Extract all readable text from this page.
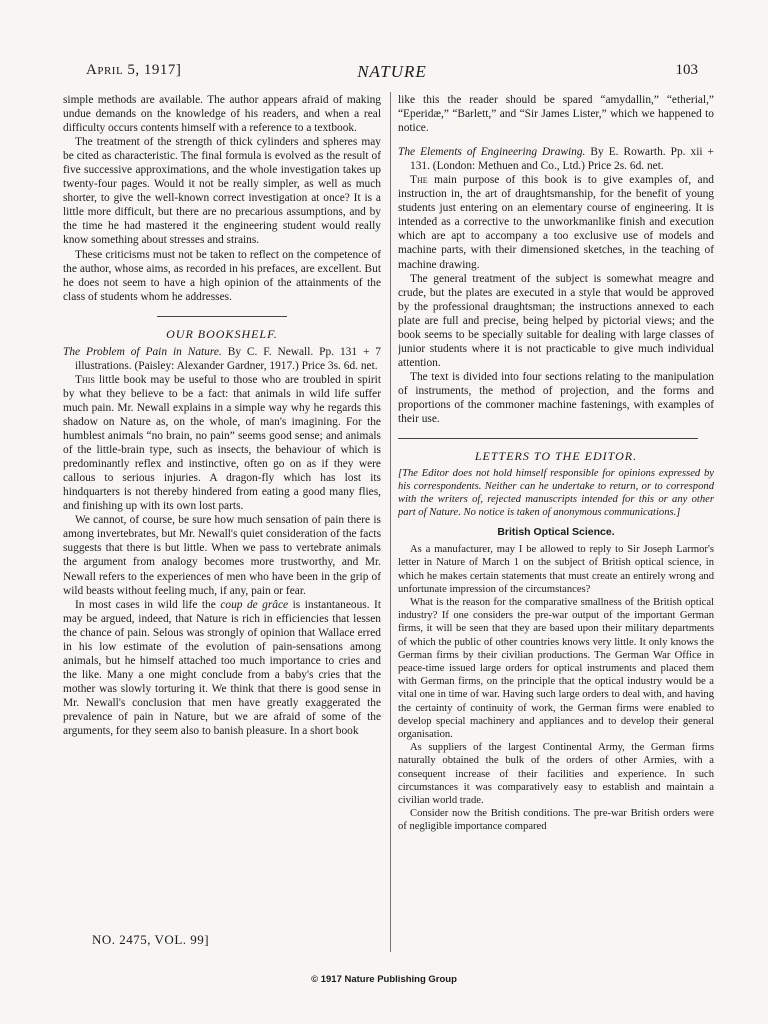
April 5, 1917]	NATURE	103

simple methods are available. The author appears afraid of making undue demands on the knowledge of his readers, and when a real difficulty occurs contents himself with a reference to a textbook.

The treatment of the strength of thick cylinders and spheres may be cited as characteristic. The final formula is evolved as the result of five successive approximations, and the whole investigation takes up twenty-four pages. Would it not be really simpler, as well as much shorter, to give the well-known correct investigation at once? It is a little more difficult, but there are no precarious assumptions, and by the time he had mastered it the engineering student would really know something about stresses and strains.

These criticisms must not be taken to reflect on the competence of the author, whose aims, as recorded in his prefaces, are excellent. But he does not seem to have a high opinion of the attainments of the class of students whom he addresses.

OUR BOOKSHELF.

The Problem of Pain in Nature. By C. F. Newall. Pp. 131 + 7 illustrations. (Paisley: Alexander Gardner, 1917.) Price 3s. 6d. net.

This little book may be useful to those who are troubled in spirit by what they believe to be a fact: that animals in wild life suffer much pain. Mr. Newall explains in a simple way why he regards this shadow on Nature as, on the whole, of man's imagining. For the humblest animals “no brain, no pain” seems good sense; and animals of the little-brain type, such as insects, the behaviour of which is predominantly reflex and instinctive, often go on as if they were callous to serious injuries. A dragon-fly which has lost its hindquarters is not thereby hindered from eating a good many flies, and finishing up with its own lost parts.

We cannot, of course, be sure how much sensation of pain there is among invertebrates, but Mr. Newall's quiet consideration of the facts suggests that there is but little. When we pass to vertebrate animals the argument from analogy becomes more trustworthy, and Mr. Newall refers to the experiences of men who have been in the grip of wild beasts without feeling much, if any, pain or fear.

In most cases in wild life the coup de grâce is instantaneous. It may be argued, indeed, that Nature is rich in efficiencies that lessen the chance of pain. Selous was strongly of opinion that Wallace erred in his low estimate of the evolution of pain-sensations among animals, but he himself attached too much importance to cries and the like. Many a one might conclude from a baby's cries that the mother was slowly torturing it. We think that there is good sense in Mr. Newall's conclusion that men have greatly exaggerated the prevalence of pain in Nature, but we are afraid of some of the arguments, for they seem also to banish pleasure. In a short book

like this the reader should be spared “amydallin,” “etherial,” “Eperidæ,” “Barlett,” and “Sir James Lister,” which we happened to notice.

The Elements of Engineering Drawing. By E. Rowarth. Pp. xii + 131. (London: Methuen and Co., Ltd.) Price 2s. 6d. net.

The main purpose of this book is to give examples of, and instruction in, the art of draughtsmanship, for the benefit of young students just entering on an elementary course of engineering. It is intended as a corrective to the unworkmanlike finish and execution which are apt to accompany a too exclusive use of models and machine parts, with their dimensioned sketches, in the teaching of machine drawing.

The general treatment of the subject is somewhat meagre and crude, but the plates are executed in a style that would be approved by the professional draughtsman; the instructions annexed to each plate are full and precise, being helped by pictorial views; and the book seems to be specially suitable for dealing with large classes of junior students where it is not practicable to give much individual attention.

The text is divided into four sections relating to the manipulation of instruments, the method of projection, and the forms and proportions of the commoner machine fastenings, with examples of their use.

LETTERS TO THE EDITOR.

[The Editor does not hold himself responsible for opinions expressed by his correspondents. Neither can he undertake to return, or to correspond with the writers of, rejected manuscripts intended for this or any other part of Nature. No notice is taken of anonymous communications.]

British Optical Science.

As a manufacturer, may I be allowed to reply to Sir Joseph Larmor's letter in Nature of March 1 on the subject of British optical science, in which he makes certain statements that must create an entirely wrong and unfortunate impression of the circumstances?

What is the reason for the comparative smallness of the British optical industry? If one considers the pre-war output of the important German firms, it will be seen that they are based upon their military departments of which the public of other countries knows very little. It only knows the German firms by their civilian productions. The German War Office in peace-time issued large orders for optical instruments and placed them with German firms, on the principle that the optical industry would be a vital one in time of war. Having such large orders to deal with, and having the certainty of continuity of work, the German firms were enabled to develop special machinery and appliances and to develop their general organisation.

As suppliers of the largest Continental Army, the German firms naturally obtained the bulk of the orders of other Armies, with a consequent increase of their facilities and experience. In such circumstances it was comparatively easy to establish and maintain a civilian world trade.

Consider now the British conditions. The pre-war British orders were of negligible importance compared

NO. 2475, VOL. 99]
© 1917 Nature Publishing Group
